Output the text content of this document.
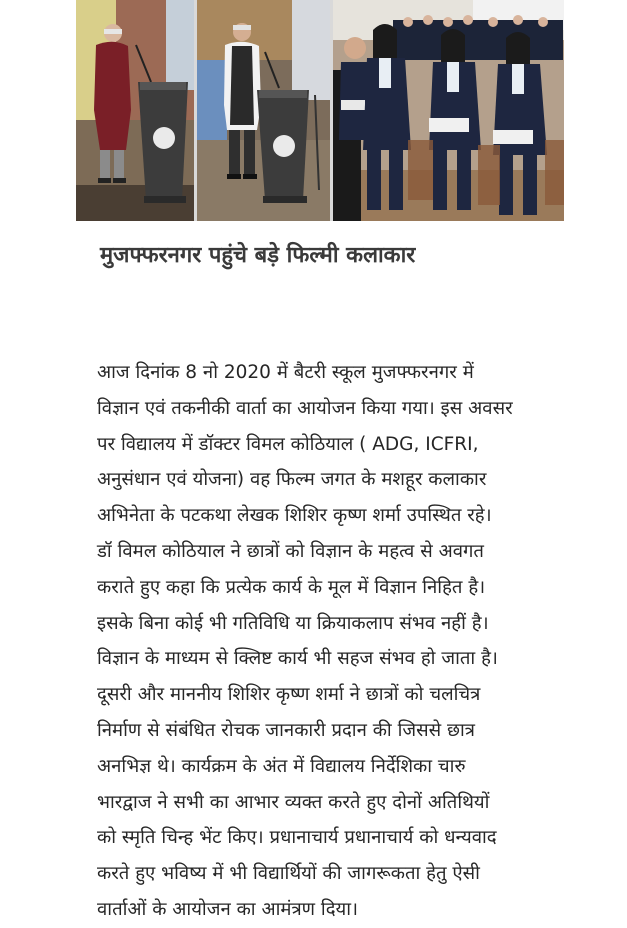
मुजफ्फरनगर पहुंचे बड़े फिल्मी कलाकार
आज दिनांक 8 नो 2020 में बैटरी स्कूल मुजफ्फरनगर में
विज्ञान एवं तकनीकी वार्ता का आयोजन किया गया। इस अवसर
पर विद्यालय में डॉक्टर विमल कोठियाल ( ADG, ICFRI,
अनुसंधान एवं योजना) वह फिल्म जगत के मशहूर कलाकार
अभिनेता के पटकथा लेखक शिशिर कृष्ण शर्मा उपस्थित रहे।
डॉ विमल कोठियाल ने छात्रों को विज्ञान के महत्व से अवगत
कराते हुए कहा कि प्रत्येक कार्य के मूल में विज्ञान निहित है।
इसके बिना कोई भी गतिविधि या क्रियाकलाप संभव नहीं है।
विज्ञान के माध्यम से क्लिष्ट कार्य भी सहज संभव हो जाता है।
दूसरी और माननीय शिशिर कृष्ण शर्मा ने छात्रों को चलचित्र
निर्माण से संबंधित रोचक जानकारी प्रदान की जिससे छात्र
अनभिज्ञ थे। कार्यक्रम के अंत में विद्यालय निर्देशिका चारु
भारद्वाज ने सभी का आभार व्यक्त करते हुए दोनों अतिथियों
को स्मृति चिन्ह भेंट किए। प्रधानाचार्य प्रधानाचार्य को धन्यवाद
करते हुए भविष्य में भी विद्यार्थियों की जागरूकता हेतु ऐसी
वार्ताओं के आयोजन का आमंत्रण दिया।
